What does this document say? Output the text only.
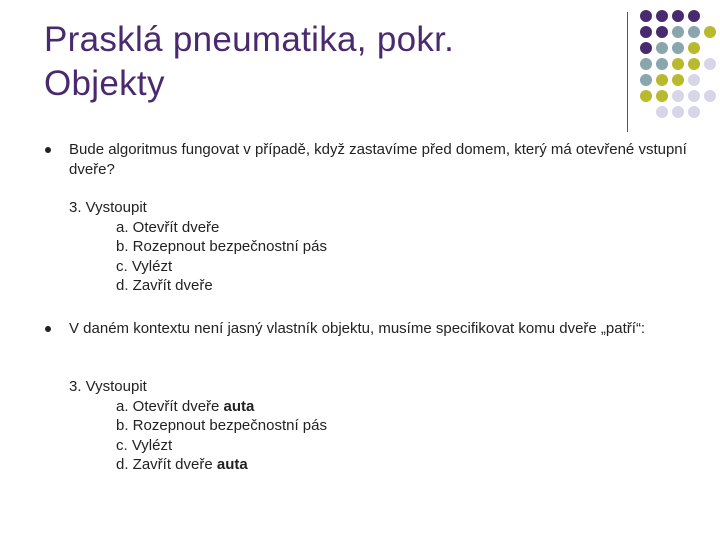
Prasklá pneumatika, pokr.
Objekty
Bude algoritmus fungovat v případě, když zastavíme před domem, který má otevřené vstupní dveře?
3. Vystoupit
a. Otevřít dveře
b. Rozepnout bezpečnostní pás
c. Vylézt
d. Zavřít dveře
V daném kontextu není jasný vlastník objektu, musíme specifikovat komu dveře „patří“:
3. Vystoupit
a. Otevřít dveře auta
b. Rozepnout bezpečnostní pás
c. Vylézt
d. Zavřít dveře auta
